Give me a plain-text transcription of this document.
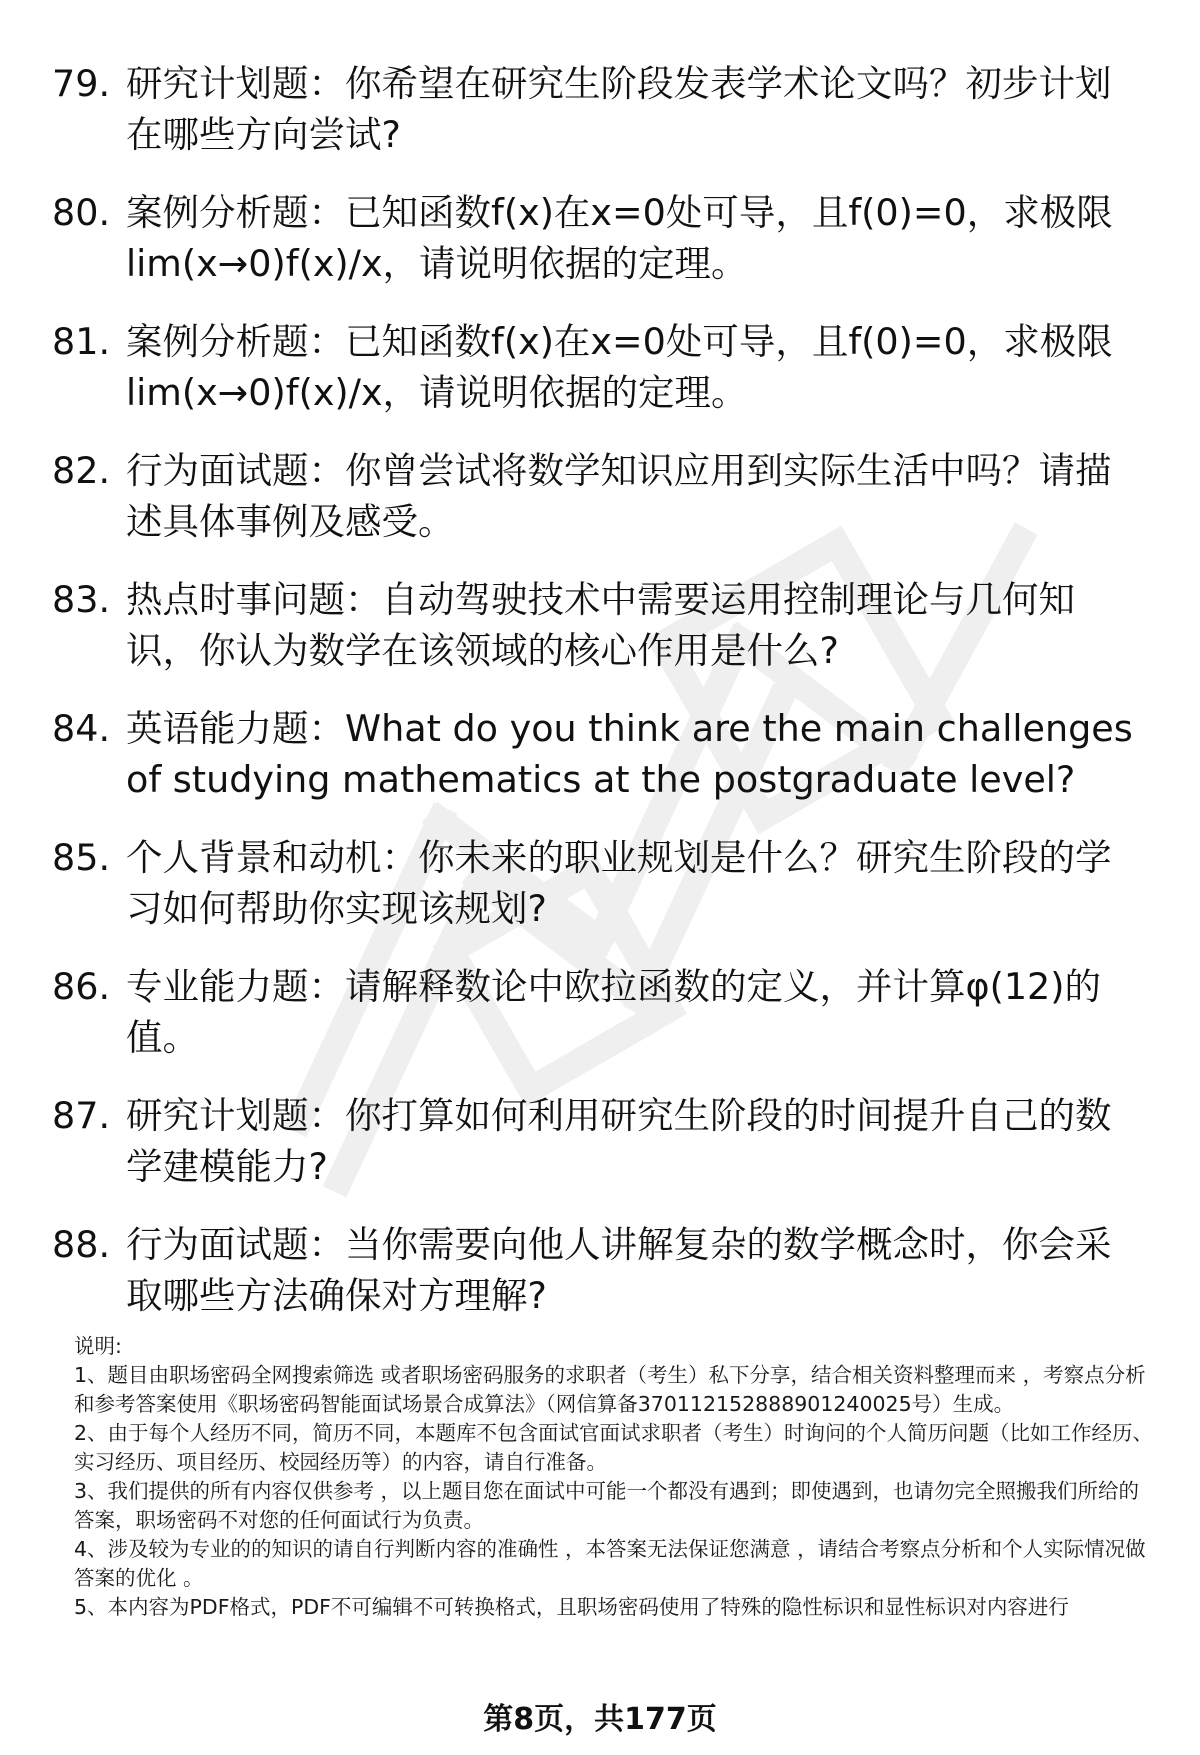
79. 研究计划题：你希望在研究生阶段发表学术论文吗？初步计划在哪些方向尝试?
80. 案例分析题：已知函数f(x)在x=0处可导，且f(0)=0，求极限lim(x→0)f(x)/x，请说明依据的定理。
81. 案例分析题：已知函数f(x)在x=0处可导，且f(0)=0，求极限lim(x→0)f(x)/x，请说明依据的定理。
82. 行为面试题：你曾尝试将数学知识应用到实际生活中吗？请描述具体事例及感受。
83. 热点时事问题：自动驾驶技术中需要运用控制理论与几何知识，你认为数学在该领域的核心作用是什么?
84. 英语能力题：What do you think are the main challenges of studying mathematics at the postgraduate level?
85. 个人背景和动机：你未来的职业规划是什么？研究生阶段的学习如何帮助你实现该规划?
86. 专业能力题：请解释数论中欧拉函数的定义，并计算φ(12)的值。
87. 研究计划题：你打算如何利用研究生阶段的时间提升自己的数学建模能力?
88. 行为面试题：当你需要向他人讲解复杂的数学概念时，你会采取哪些方法确保对方理解?

说明:

1、题目由职场密码全网搜索筛选 或者职场密码服务的求职者（考生）私下分享，结合相关资料整理而来 ，考察点分析和参考答案使用《职场密码智能面试场景合成算法》（网信算备370112152888901240025号）生成。

2、由于每个人经历不同，简历不同，本题库不包含面试官面试求职者（考生）时询问的个人简历问题（比如工作经历、实习经历、项目经历、校园经历等）的内容，请自行准备。

3、我们提供的所有内容仅供参考 ，以上题目您在面试中可能一个都没有遇到；即使遇到，也请勿完全照搬我们所给的答案，职场密码不对您的任何面试行为负责。

4、涉及较为专业的的知识的请自行判断内容的准确性 ，本答案无法保证您满意 ，请结合考察点分析和个人实际情况做答案的优化 。

5、本内容为PDF格式，PDF不可编辑不可转换格式，且职场密码使用了特殊的隐性标识和显性标识对内容进行

第8页，共177页
